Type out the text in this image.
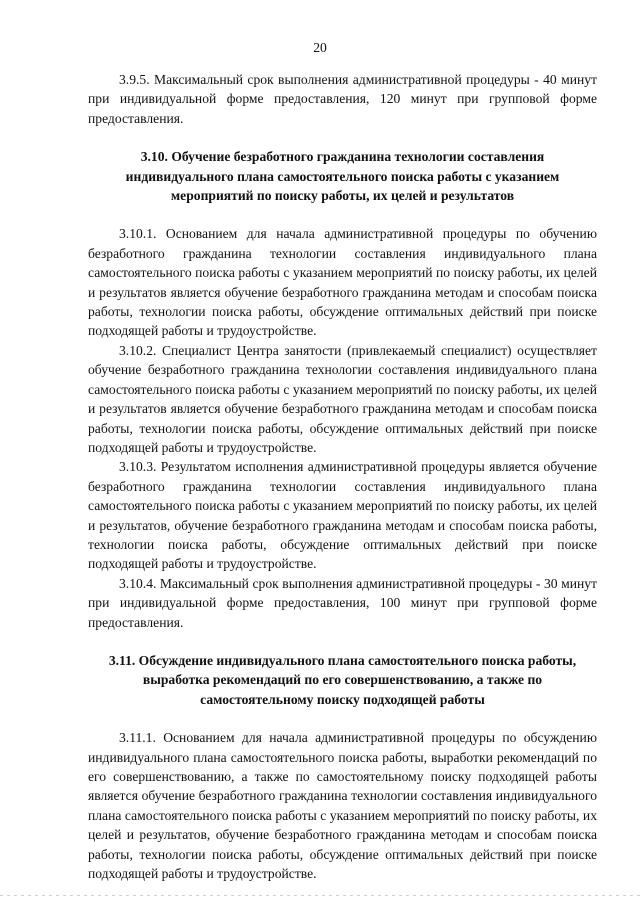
20

3.9.5. Максимальный срок выполнения административной процедуры - 40 минут при индивидуальной форме предоставления, 120 минут при групповой форме предоставления.

3.10. Обучение безработного гражданина технологии составления индивидуального плана самостоятельного поиска работы с указанием мероприятий по поиску работы, их целей и результатов

3.10.1. Основанием для начала административной процедуры по обучению безработного гражданина технологии составления индивидуального плана самостоятельного поиска работы с указанием мероприятий по поиску работы, их целей и результатов является обучение безработного гражданина методам и способам поиска работы, технологии поиска работы, обсуждение оптимальных действий при поиске подходящей работы и трудоустройстве.

3.10.2. Специалист Центра занятости (привлекаемый специалист) осуществляет обучение безработного гражданина технологии составления индивидуального плана самостоятельного поиска работы с указанием мероприятий по поиску работы, их целей и результатов является обучение безработного гражданина методам и способам поиска работы, технологии поиска работы, обсуждение оптимальных действий при поиске подходящей работы и трудоустройстве.

3.10.3. Результатом исполнения административной процедуры является обучение безработного гражданина технологии составления индивидуального плана самостоятельного поиска работы с указанием мероприятий по поиску работы, их целей и результатов, обучение безработного гражданина методам и способам поиска работы, технологии поиска работы, обсуждение оптимальных действий при поиске подходящей работы и трудоустройстве.

3.10.4. Максимальный срок выполнения административной процедуры - 30 минут при индивидуальной форме предоставления, 100 минут при групповой форме предоставления.

3.11. Обсуждение индивидуального плана самостоятельного поиска работы, выработка рекомендаций по его совершенствованию, а также по самостоятельному поиску подходящей работы

3.11.1. Основанием для начала административной процедуры по обсуждению индивидуального плана самостоятельного поиска работы, выработки рекомендаций по его совершенствованию, а также по самостоятельному поиску подходящей работы является обучение безработного гражданина технологии составления индивидуального плана самостоятельного поиска работы с указанием мероприятий по поиску работы, их целей и результатов, обучение безработного гражданина методам и способам поиска работы, технологии поиска работы, обсуждение оптимальных действий при поиске подходящей работы и трудоустройстве.
